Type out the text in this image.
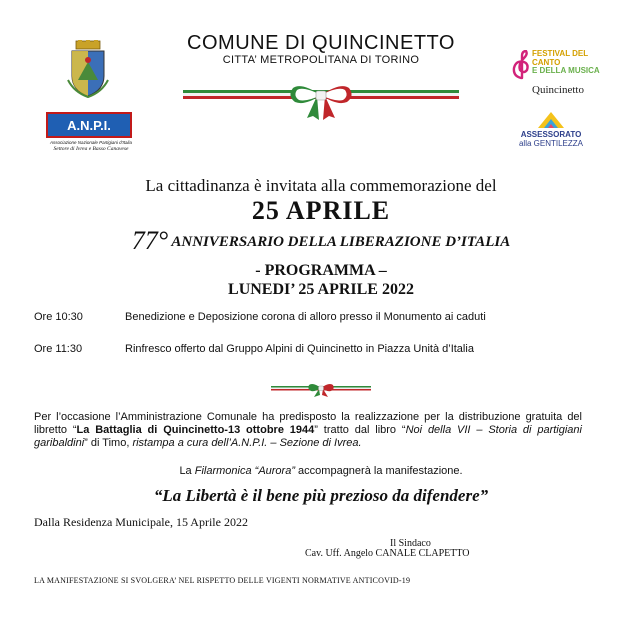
COMUNE DI QUINCINETTO
CITTA’ METROPOLITANA DI TORINO
A.N.P.I.
Associazione Nazionale Partigiani d'Italia
Settore di Ivrea e Basso Canavese
FESTIVAL DEL CANTO
E DELLA MUSICA
Quincinetto
ASSESSORATO
alla GENTILEZZA
La cittadinanza è invitata alla commemorazione del
25 APRILE
77° ANNIVERSARIO DELLA LIBERAZIONE D’ITALIA
- PROGRAMMA –
LUNEDI’ 25 APRILE 2022
Ore 10:30	Benedizione e Deposizione corona di alloro presso il Monumento ai caduti
Ore 11:30	Rinfresco offerto dal Gruppo Alpini di Quincinetto in Piazza Unità d’Italia
Per l’occasione l’Amministrazione Comunale ha predisposto la realizzazione per la distribuzione gratuita del libretto “La Battaglia di Quincinetto-13 ottobre 1944” tratto dal libro “Noi della VII – Storia di partigiani garibaldini” di Timo, ristampa a cura dell’A.N.P.I. – Sezione di Ivrea.
La Filarmonica “Aurora” accompagnerà la manifestazione.
“La Libertà è il bene più prezioso da difendere”
Dalla Residenza Municipale, 15 Aprile 2022
Il Sindaco
Cav. Uff. Angelo CANALE CLAPETTO
LA MANIFESTAZIONE SI SVOLGERA’ NEL RISPETTO DELLE VIGENTI NORMATIVE ANTICOVID-19
